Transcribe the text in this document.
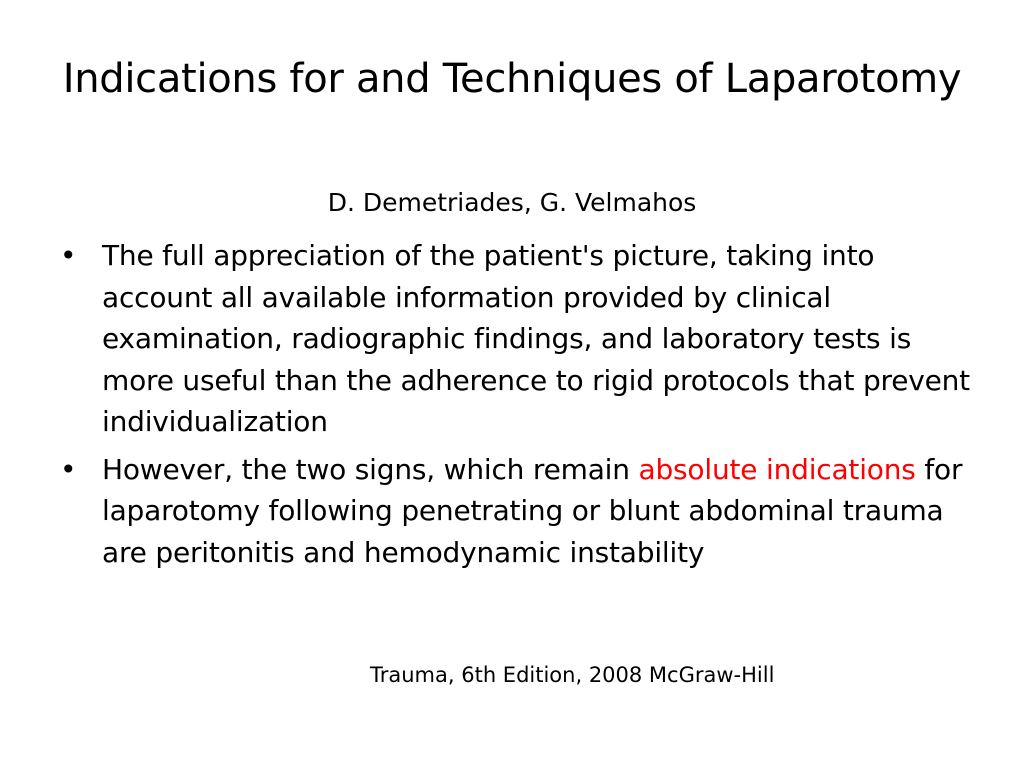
Indications for and Techniques of Laparotomy

D. Demetriades, G. Velmahos

• The full appreciation of the patient's picture, taking into account all available information provided by clinical examination, radiographic findings, and laboratory tests is more useful than the adherence to rigid protocols that prevent individualization
• However, the two signs, which remain absolute indications for laparotomy following penetrating or blunt abdominal trauma are peritonitis and hemodynamic instability
Trauma, 6th Edition, 2008 McGraw-Hill
